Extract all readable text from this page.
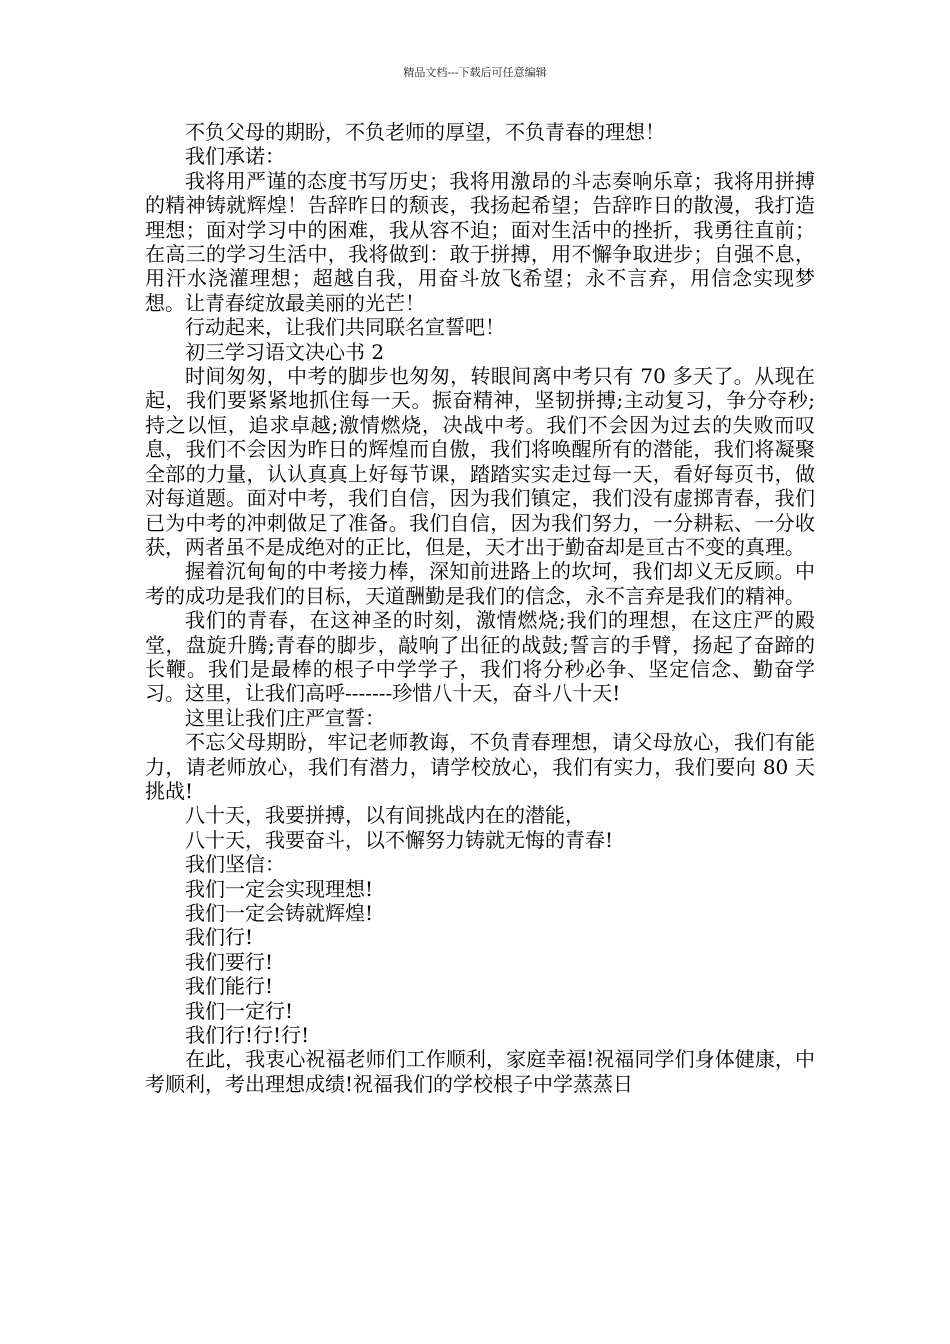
精品文档---下载后可任意编辑

不负父母的期盼，不负老师的厚望，不负青春的理想！

我们承诺：

我将用严谨的态度书写历史；我将用激昂的斗志奏响乐章；我将用拼搏的精神铸就辉煌！告辞昨日的颓丧，我扬起希望；告辞昨日的散漫，我打造理想；面对学习中的困难，我从容不迫；面对生活中的挫折，我勇往直前；在高三的学习生活中，我将做到：敢于拼搏，用不懈争取进步；自强不息，用汗水浇灌理想；超越自我，用奋斗放飞希望；永不言弃，用信念实现梦想。让青春绽放最美丽的光芒！

行动起来，让我们共同联名宣誓吧！

初三学习语文决心书 2

时间匆匆，中考的脚步也匆匆，转眼间离中考只有 70 多天了。从现在起，我们要紧紧地抓住每一天。振奋精神，坚韧拼搏;主动复习，争分夺秒;持之以恒，追求卓越;激情燃烧，决战中考。我们不会因为过去的失败而叹息，我们不会因为昨日的辉煌而自傲，我们将唤醒所有的潜能，我们将凝聚全部的力量，认认真真上好每节课，踏踏实实走过每一天，看好每页书，做对每道题。面对中考，我们自信，因为我们镇定，我们没有虚掷青春，我们已为中考的冲刺做足了准备。我们自信，因为我们努力，一分耕耘、一分收获，两者虽不是成绝对的正比，但是，天才出于勤奋却是亘古不变的真理。

握着沉甸甸的中考接力棒，深知前进路上的坎坷，我们却义无反顾。中考的成功是我们的目标，天道酬勤是我们的信念，永不言弃是我们的精神。

我们的青春，在这神圣的时刻，激情燃烧;我们的理想，在这庄严的殿堂，盘旋升腾;青春的脚步，敲响了出征的战鼓;誓言的手臂，扬起了奋蹄的长鞭。我们是最棒的根子中学学子，我们将分秒必争、坚定信念、勤奋学习。这里，让我们高呼-------珍惜八十天，奋斗八十天!

这里让我们庄严宣誓：

不忘父母期盼，牢记老师教诲，不负青春理想，请父母放心，我们有能力，请老师放心，我们有潜力，请学校放心，我们有实力，我们要向 80 天挑战!

八十天，我要拼搏，以有间挑战内在的潜能，

八十天，我要奋斗，以不懈努力铸就无悔的青春!

我们坚信：

我们一定会实现理想!

我们一定会铸就辉煌!

我们行!

我们要行!

我们能行!

我们一定行!

我们行!行!行!

在此，我衷心祝福老师们工作顺利，家庭幸福!祝福同学们身体健康，中考顺利，考出理想成绩!祝福我们的学校根子中学蒸蒸日
